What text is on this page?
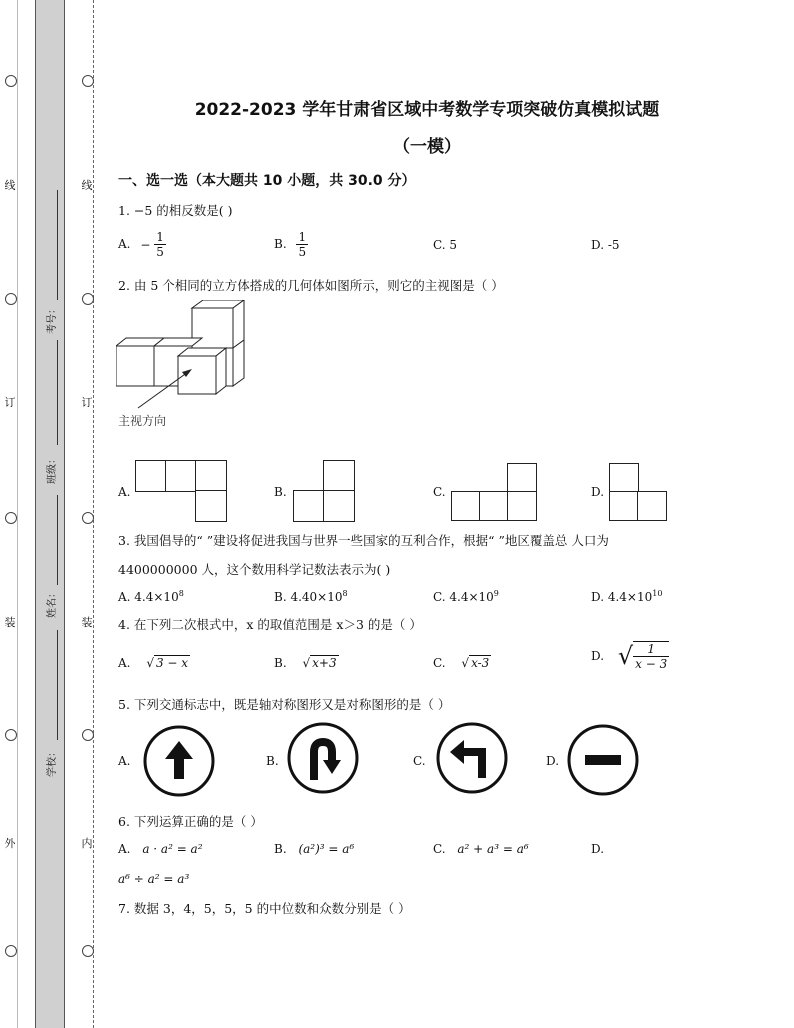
线
订
装
外
线
订
装
内
考号：
班级：
姓名：
学校：
2022-2023 学年甘肃省区域中考数学专项突破仿真模拟试题
（一模）
一、选一选（本大题共 10 小题，共 30.0 分）
1. −5 的相反数是( )
A. − $\frac{1}{5}$	B. $\frac{1}{5}$	C. 5	D. -5
2. 由 5 个相同的立方体搭成的几何体如图所示，则它的主视图是（ ）
主视方向
A.	B.	C.	D.
3. 我国倡导的“ ”建设将促进我国与世界一些国家的互利合作，根据“ ”地区覆盖总 人口为
4400000000 人，这个数用科学记数法表示为( )
A. $4.4\times 10^8$	B. $4.40\times 10^8$	C. $4.4\times 10^9$	D. $4.4\times 10^{10}$
4. 在下列二次根式中，x 的取值范围是 x＞3 的是（ ）
A. √ 3 − x	B. √ x+3	C. √ x-3	D. √ $\frac{1}{x - 3}$
5. 下列交通标志中，既是轴对称图形又是对称图形的是（ ）
A.	B.	C.	D.
6. 下列运算正确的是（ ）
A. a · a² = a²	B. (a²)³ = a⁶	C. a² + a³ = a⁶	D.
a⁶ ÷ a² = a³
7. 数据 3，4，5，5，5 的中位数和众数分别是（ ）
